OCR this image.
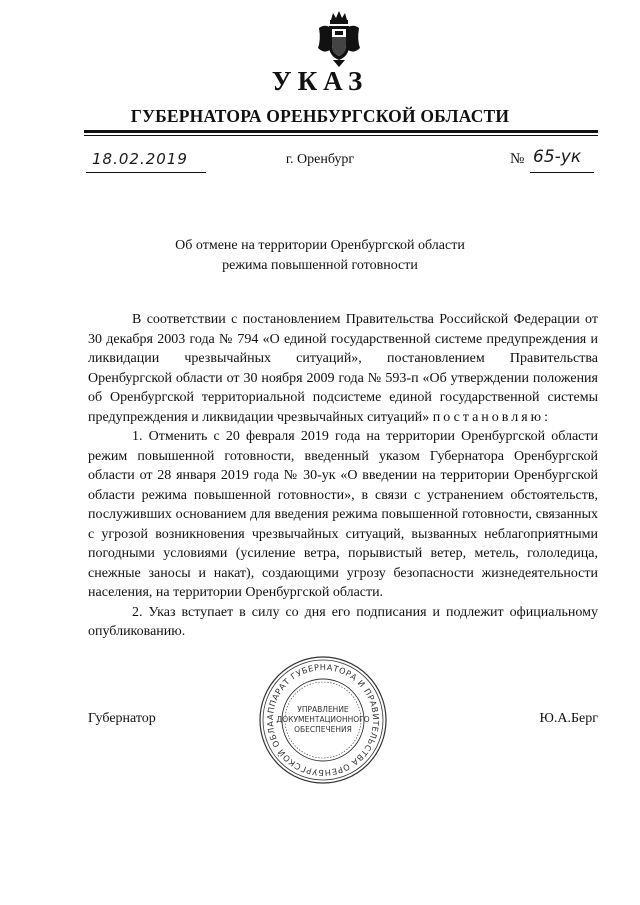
УКАЗ
ГУБЕРНАТОРА ОРЕНБУРГСКОЙ ОБЛАСТИ
18.02.2019	г. Оренбург	№ 65-ук
Об отмене на территории Оренбургской области
режима повышенной готовности

В соответствии с постановлением Правительства Российской Федерации от 30 декабря 2003 года № 794 «О единой государственной системе предупреждения и ликвидации чрезвычайных ситуаций», постановлением Правительства Оренбургской области от 30 ноября 2009 года № 593-п «Об утверждении положения об Оренбургской территориальной подсистеме единой государственной системы предупреждения и ликвидации чрезвычайных ситуаций» постановляю:

1. Отменить с 20 февраля 2019 года на территории Оренбургской области режим повышенной готовности, введенный указом Губернатора Оренбургской области от 28 января 2019 года № 30-ук «О введении на территории Оренбургской области режима повышенной готовности», в связи с устранением обстоятельств, послуживших основанием для введения режима повышенной готовности, связанных с угрозой возникновения чрезвычайных ситуаций, вызванных неблагоприятными погодными условиями (усиление ветра, порывистый ветер, метель, гололедица, снежные заносы и накат), создающими угрозу безопасности жизнедеятельности населения, на территории Оренбургской области.

2. Указ вступает в силу со дня его подписания и подлежит официальному опубликованию.

Губернатор	Ю.А.Берг
АППАРАТ ГУБЕРНАТОРА И ПРАВИТЕЛЬСТВА ОРЕНБУРГСКОЙ ОБЛА
УПРАВЛЕНИЕ
ДОКУМЕНТАЦИОННОГО
ОБЕСПЕЧЕНИЯ
